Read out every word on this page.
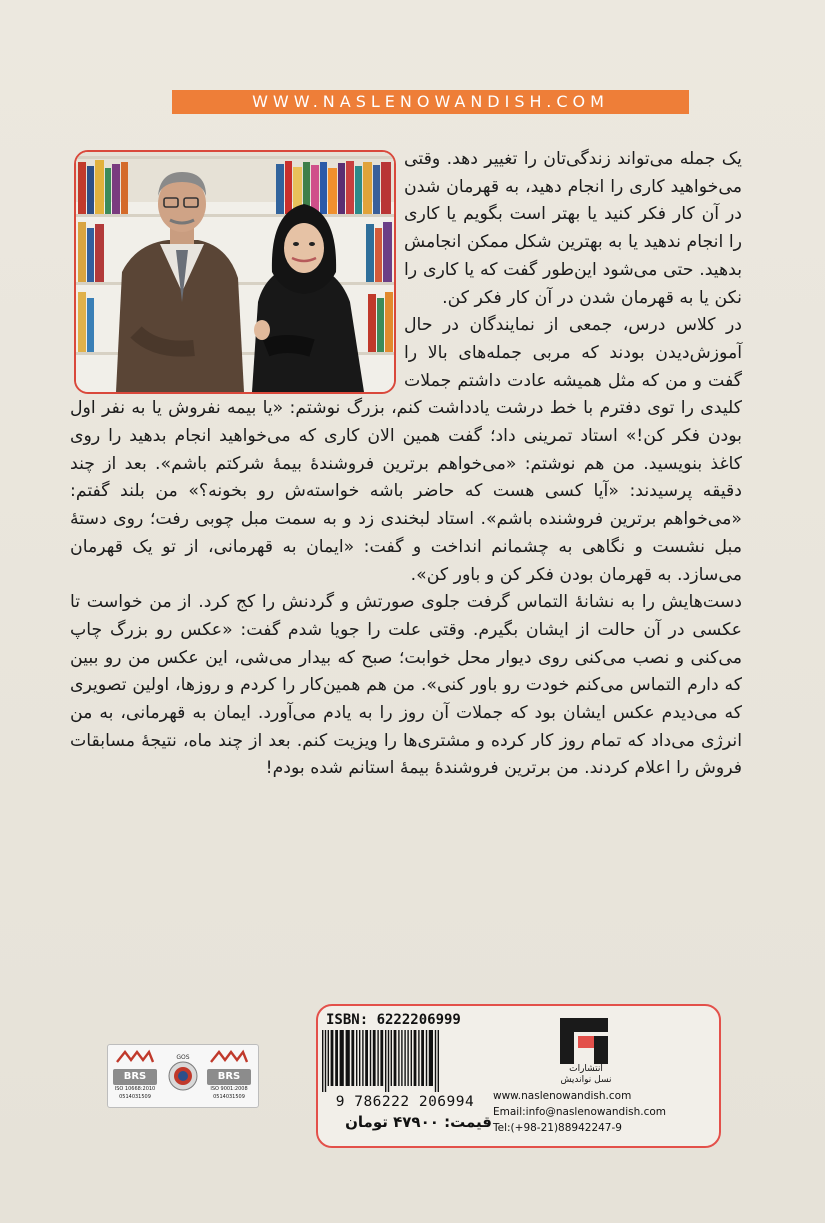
WWW.NASLENOWANDISH.COM

یک جمله می‌تواند زندگی‌تان را تغییر دهد. وقتی می‌خواهید کاری را انجام دهید، به قهرمان شدن در آن کار فکر کنید یا بهتر است بگویم یا کاری را انجام ندهید یا به بهترین شکل ممکن انجامش بدهید. حتی می‌شود این‌طور گفت که یا کاری را نکن یا به قهرمان شدن در آن کار فکر کن.

در کلاس درس، جمعی از نمایندگان در حال آموزش‌دیدن بودند که مربی جمله‌های بالا را گفت و من که مثل همیشه عادت داشتم جملات کلیدی را توی دفترم با خط درشت یادداشت کنم، بزرگ نوشتم: «یا بیمه نفروش یا به نفر اول بودن فکر کن!» استاد تمرینی داد؛ گفت همین الان کاری که می‌خواهید انجام بدهید را روی کاغذ بنویسید. من هم نوشتم: «می‌خواهم برترین فروشندهٔ بیمهٔ شرکتم باشم». بعد از چند دقیقه پرسیدند: «آیا کسی هست که حاضر باشه خواسته‌ش رو بخونه؟» من بلند گفتم: «می‌خواهم برترین فروشنده باشم». استاد لبخندی زد و به سمت مبل چوبی رفت؛ روی دستهٔ مبل نشست و نگاهی به چشمانم انداخت و گفت: «ایمان به قهرمانی، از تو یک قهرمان می‌سازد. به قهرمان بودن فکر کن و باور کن».

دست‌هایش را به نشانهٔ التماس گرفت جلوی صورتش و گردنش را کج کرد. از من خواست تا عکسی در آن حالت از ایشان بگیرم. وقتی علت را جویا شدم گفت: «عکس رو بزرگ چاپ می‌کنی و نصب می‌کنی روی دیوار محل خوابت؛ صبح که بیدار می‌شی، این عکس من رو ببین که دارم التماس می‌کنم خودت رو باور کنی». من هم همین‌کار را کردم و روزها، اولین تصویری که می‌دیدم عکس ایشان بود که جملات آن روز را به یادم می‌آورد. ایمان به قهرمانی، به من انرژی می‌داد که تمام روز کار کرده و مشتری‌ها را ویزیت کنم. بعد از چند ماه، نتیجهٔ مسابقات فروش را اعلام کردند. من برترین فروشندهٔ بیمهٔ استانم شده بودم!

ISBN: 6222206999
9 786222 206994
قیمت: ۴۷۹۰۰ تومان
انتشارات
نسل نواندیش
www.naslenowandish.com
Email:info@naslenowandish.com
Tel:(+98-21)88942247-9
BRS
ISO 10668:2010
0514031509
GOS
BRS
ISO 9001:2008
0514031509
